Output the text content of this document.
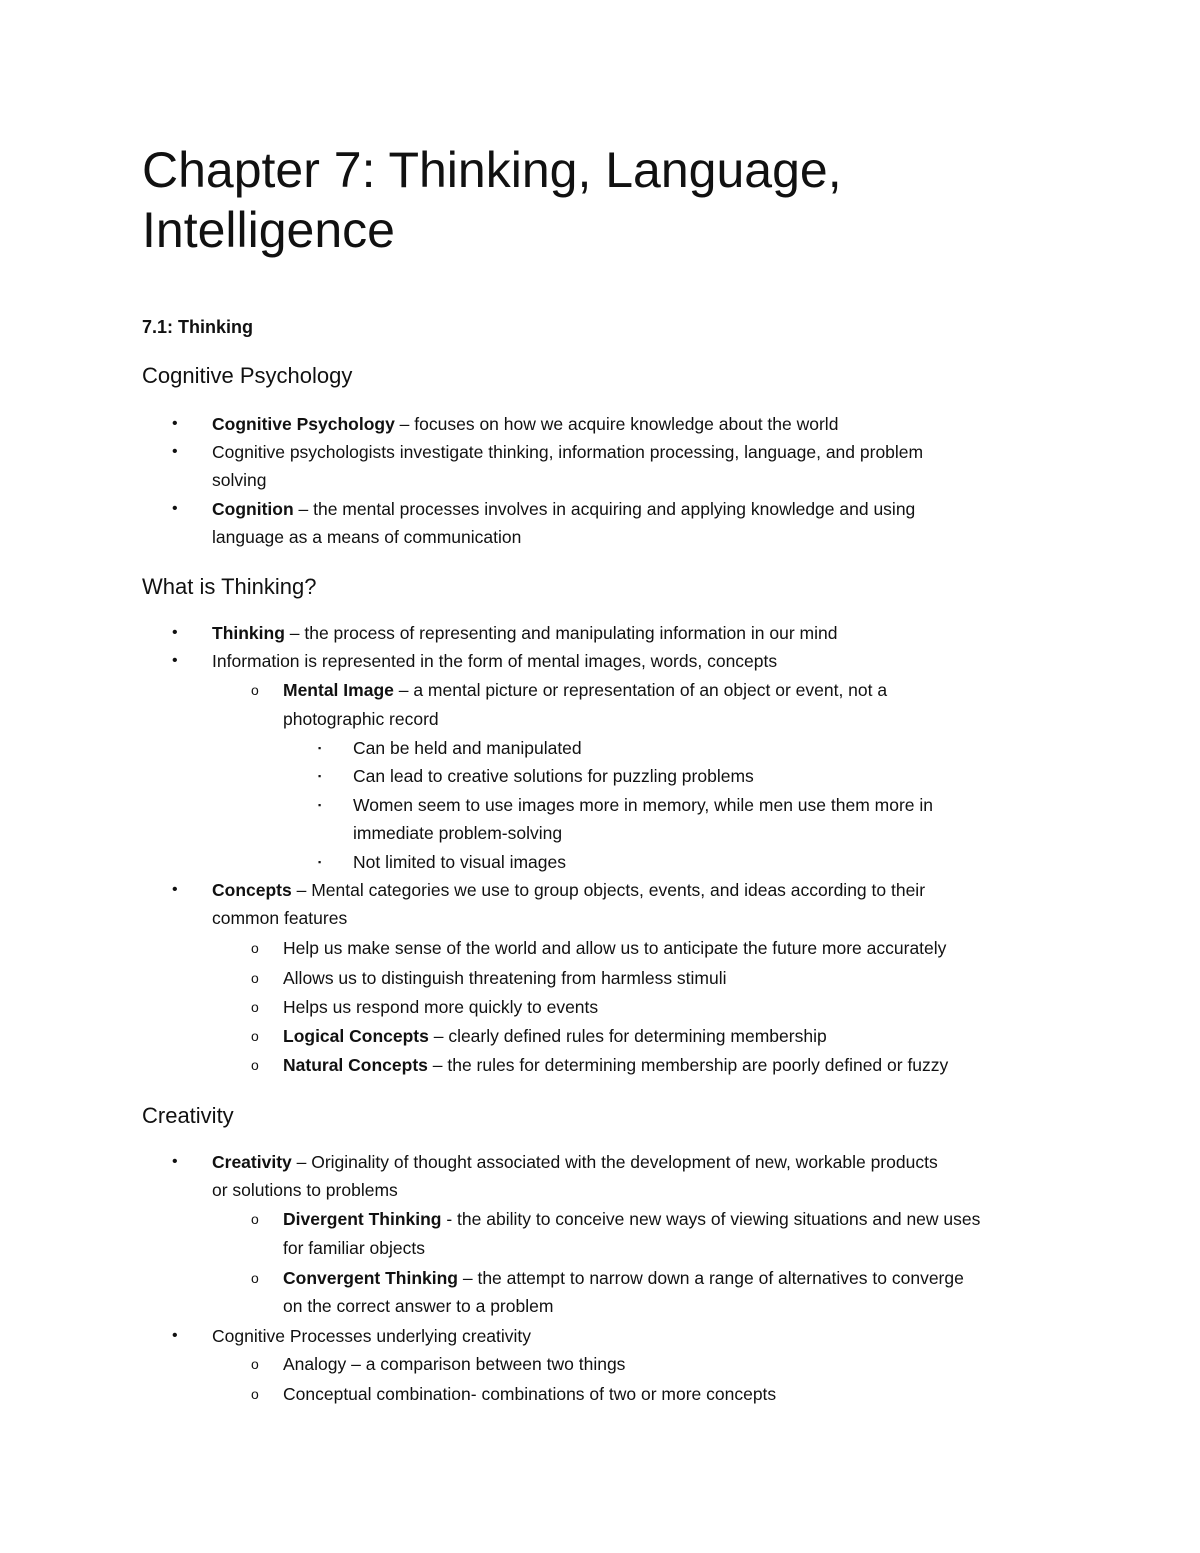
Chapter 7: Thinking, Language,
Intelligence

7.1: Thinking

Cognitive Psychology
• Cognitive Psychology – focuses on how we acquire knowledge about the world
• Cognitive psychologists investigate thinking, information processing, language, and problem
solving
• Cognition – the mental processes involves in acquiring and applying knowledge and using
language as a means of communication
What is Thinking?
• Thinking – the process of representing and manipulating information in our mind
• Information is represented in the form of mental images, words, concepts
o Mental Image – a mental picture or representation of an object or event, not a
photographic record
▪ Can be held and manipulated
▪ Can lead to creative solutions for puzzling problems
▪ Women seem to use images more in memory, while men use them more in
immediate problem-solving
▪ Not limited to visual images
• Concepts – Mental categories we use to group objects, events, and ideas according to their
common features
o Help us make sense of the world and allow us to anticipate the future more accurately
o Allows us to distinguish threatening from harmless stimuli
o Helps us respond more quickly to events
o Logical Concepts – clearly defined rules for determining membership
o Natural Concepts – the rules for determining membership are poorly defined or fuzzy
Creativity
• Creativity – Originality of thought associated with the development of new, workable products
or solutions to problems
o Divergent Thinking - the ability to conceive new ways of viewing situations and new uses
for familiar objects
o Convergent Thinking – the attempt to narrow down a range of alternatives to converge
on the correct answer to a problem
• Cognitive Processes underlying creativity
o Analogy – a comparison between two things
o Conceptual combination- combinations of two or more concepts
